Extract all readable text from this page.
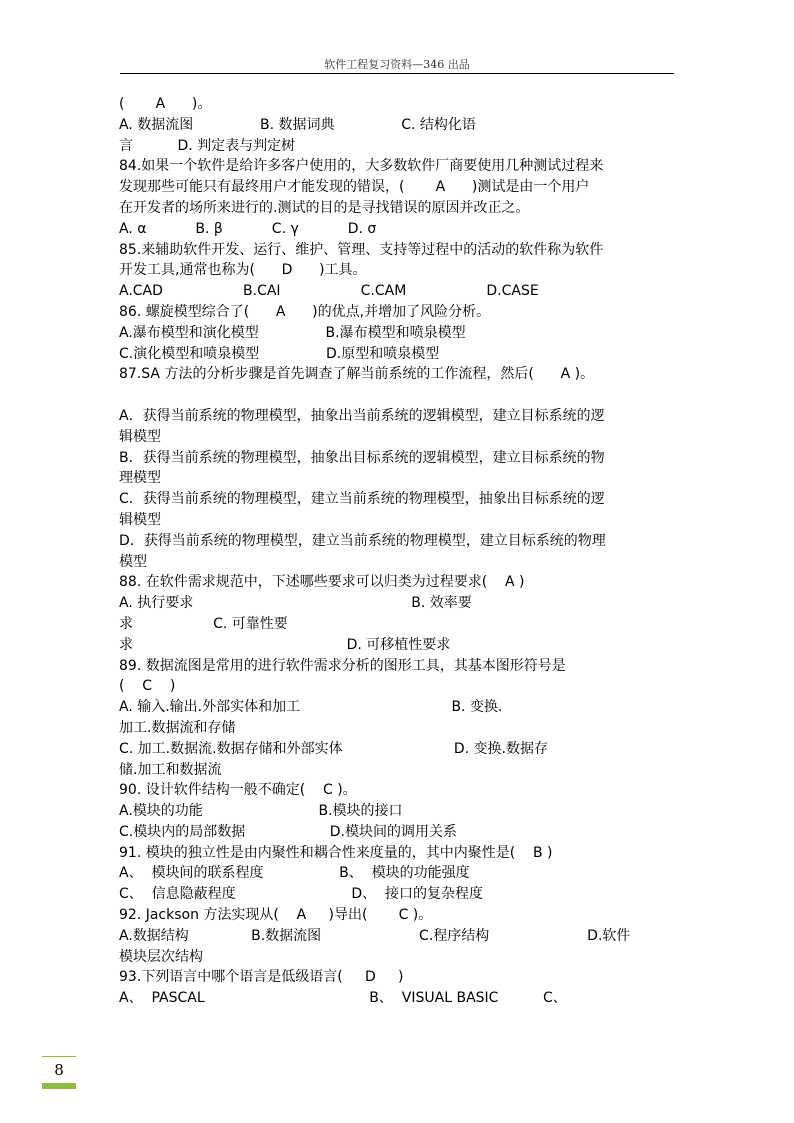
软件工程复习资料—346 出品
(       A      )。
A. 数据流图               B. 数据词典               C. 结构化语
言          D. 判定表与判定树
84.如果一个软件是给许多客户使用的，大多数软件厂商要使用几种测试过程来
发现那些可能只有最终用户才能发现的错误，(       A      )测试是由一个用户
在开发者的场所来进行的.测试的目的是寻找错误的原因并改正之。
A. α           B. β           C. γ           D. σ
85.来辅助软件开发、运行、维护、管理、支持等过程中的活动的软件称为软件
开发工具,通常也称为(      D      )工具。
A.CAD                  B.CAI                  C.CAM                  D.CASE
86. 螺旋模型综合了(      A      )的优点,并增加了风险分析。
A.瀑布模型和演化模型               B.瀑布模型和喷泉模型
C.演化模型和喷泉模型               D.原型和喷泉模型
87.SA 方法的分析步骤是首先调查了解当前系统的工作流程，然后(      A )。
A．获得当前系统的物理模型，抽象出当前系统的逻辑模型，建立目标系统的逻
辑模型
B．获得当前系统的物理模型，抽象出目标系统的逻辑模型，建立目标系统的物
理模型
C．获得当前系统的物理模型，建立当前系统的物理模型，抽象出目标系统的逻
辑模型
D．获得当前系统的物理模型，建立当前系统的物理模型，建立目标系统的物理
模型
88. 在软件需求规范中，下述哪些要求可以归类为过程要求(    A )
A. 执行要求                                                 B. 效率要
求                  C. 可靠性要
求                                                D. 可移植性要求
89. 数据流图是常用的进行软件需求分析的图形工具，其基本图形符号是
(    C    )
A. 输入.输出.外部实体和加工                                  B. 变换.
加工.数据流和存储
C. 加工.数据流.数据存储和外部实体                         D. 变换.数据存
储.加工和数据流
90. 设计软件结构一般不确定(    C )。
A.模块的功能                          B.模块的接口
C.模块内的局部数据                   D.模块间的调用关系
91. 模块的独立性是由内聚性和耦合性来度量的，其中内聚性是(    B )
A、  模块间的联系程度                 B、  模块的功能强度
C、  信息隐蔽程度                          D、  接口的复杂程度
92. Jackson 方法实现从(    A     )导出(       C )。
A.数据结构              B.数据流图                      C.程序结构                      D.软件
模块层次结构
93.下列语言中哪个语言是低级语言(     D     )
A、  PASCAL                                     B、  VISUAL BASIC          C、
8
